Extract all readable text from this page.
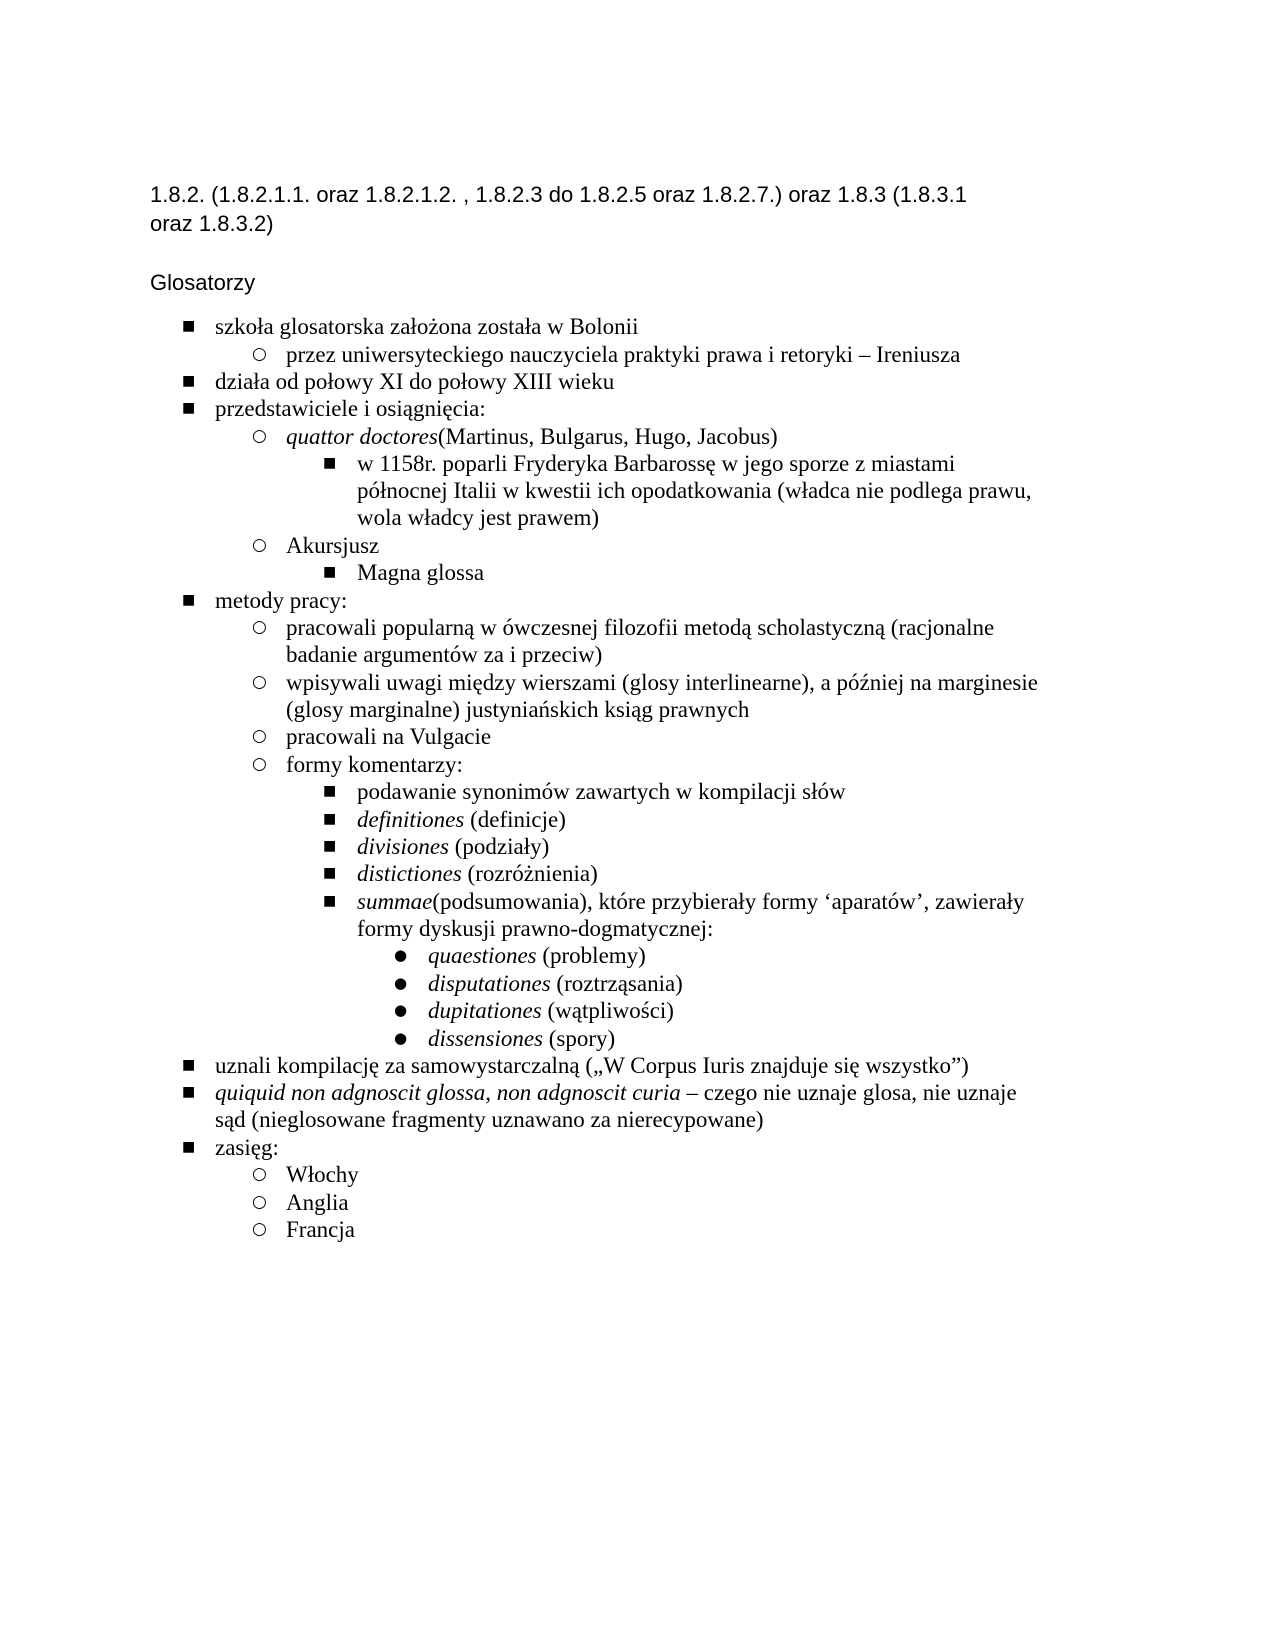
1.8.2. (1.8.2.1.1. oraz 1.8.2.1.2. , 1.8.2.3 do 1.8.2.5 oraz 1.8.2.7.) oraz 1.8.3 (1.8.3.1
oraz 1.8.3.2)
Glosatorzy
■ szkoła glosatorska założona została w Bolonii
○ przez uniwersyteckiego nauczyciela praktyki prawa i retoryki – Ireniusza
■ działa od połowy XI do połowy XIII wieku
■ przedstawiciele i osiągnięcia:
○ quattor doctores(Martinus, Bulgarus, Hugo, Jacobus)
■ w 1158r. poparli Fryderyka Barbarossę w jego sporze z miastami
północnej Italii w kwestii ich opodatkowania (władca nie podlega prawu,
wola władcy jest prawem)
○ Akursjusz
■ Magna glossa
■ metody pracy:
○ pracowali popularną w ówczesnej filozofii metodą scholastyczną (racjonalne
badanie argumentów za i przeciw)
○ wpisywali uwagi między wierszami (glosy interlinearne), a później na marginesie
(glosy marginalne) justyniańskich ksiąg prawnych
○ pracowali na Vulgacie
○ formy komentarzy:
■ podawanie synonimów zawartych w kompilacji słów
■ definitiones (definicje)
■ divisiones (podziały)
■ distictiones (rozróżnienia)
■ summae(podsumowania), które przybierały formy ‘aparatów’, zawierały
formy dyskusji prawno-dogmatycznej:
● quaestiones (problemy)
● disputationes (roztrząsania)
● dupitationes (wątpliwości)
● dissensiones (spory)
■ uznali kompilację za samowystarczalną („W Corpus Iuris znajduje się wszystko”)
■ quiquid non adgnoscit glossa, non adgnoscit curia – czego nie uznaje glosa, nie uznaje
sąd (nieglosowane fragmenty uznawano za nierecypowane)
■ zasięg:
○ Włochy
○ Anglia
○ Francja
